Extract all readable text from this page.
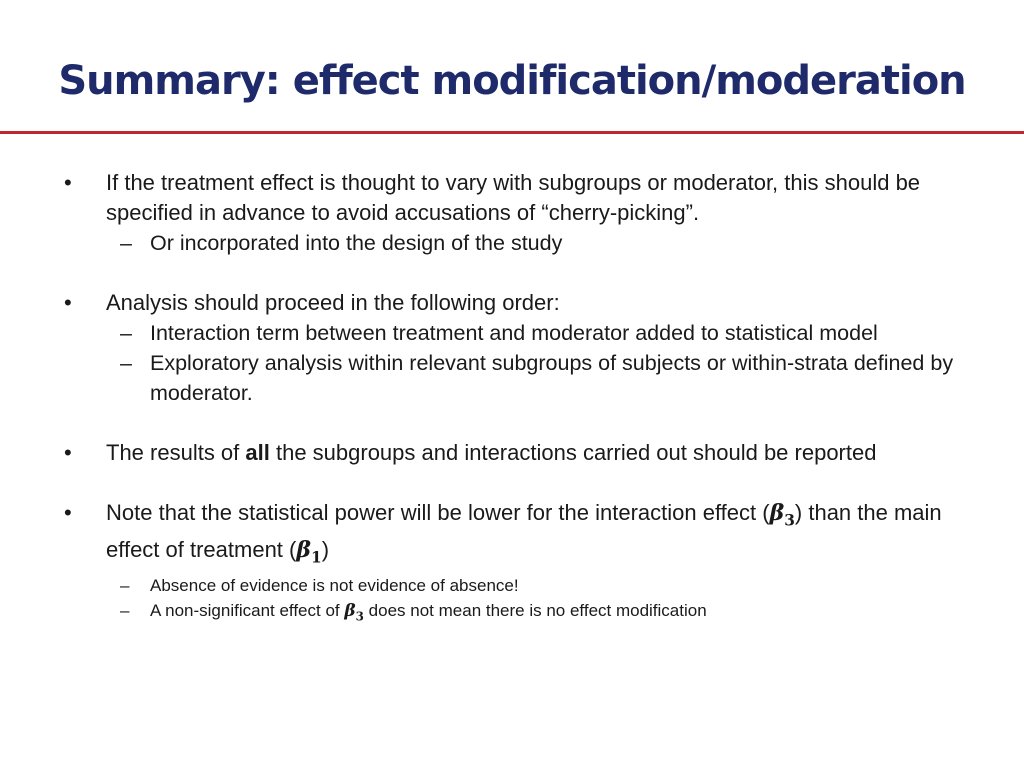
Summary: effect modification/moderation
• If the treatment effect is thought to vary with subgroups or moderator, this should be specified in advance to avoid accusations of “cherry-picking”.
– Or incorporated into the design of the study
• Analysis should proceed in the following order:
– Interaction term between treatment and moderator added to statistical model
– Exploratory analysis within relevant subgroups of subjects or within-strata defined by moderator.
• The results of all the subgroups and interactions carried out should be reported
• Note that the statistical power will be lower for the interaction effect $(\beta_3)$ than the main effect of treatment $(\beta_1)$
– Absence of evidence is not evidence of absence!
– A non-significant effect of $\beta_3$ does not mean there is no effect modification
